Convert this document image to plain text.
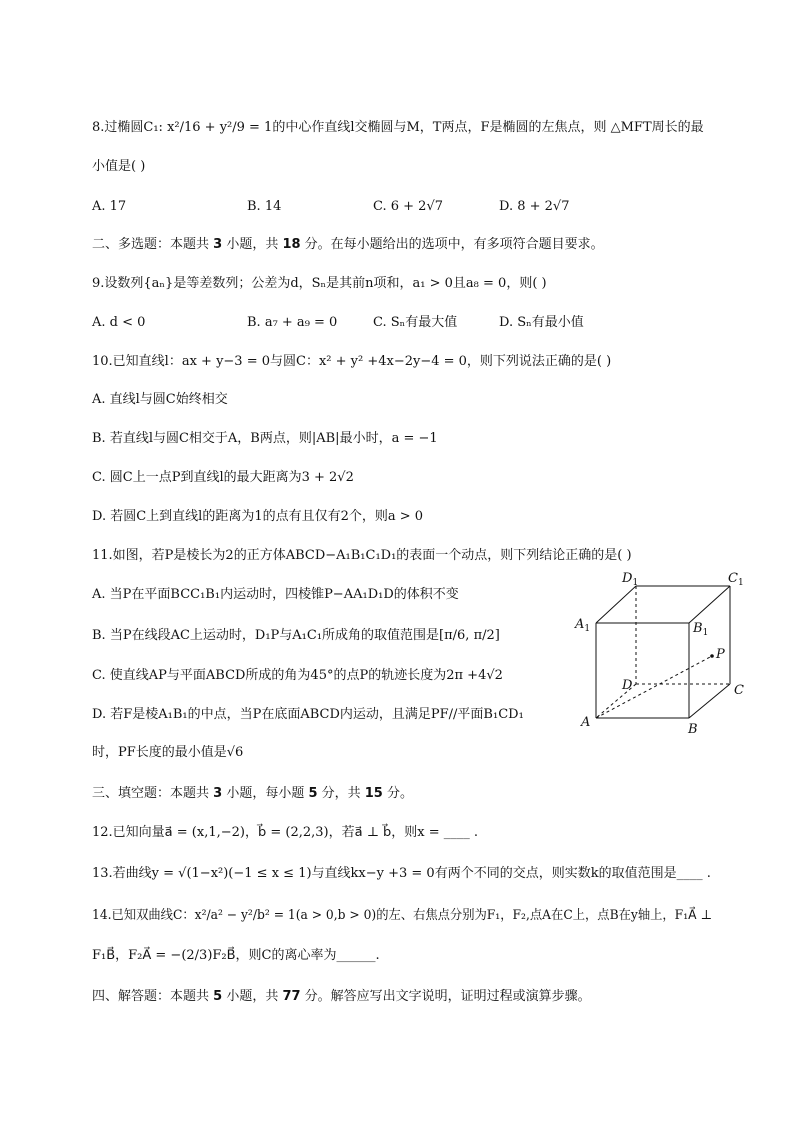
8.过椭圆C₁: x²/16 + y²/9 = 1的中心作直线l交椭圆与M，T两点，F是椭圆的左焦点，则 △MFT周长的最
小值是( )
A. 17	B. 14	C. 6 + 2√7	D. 8 + 2√7
二、多选题：本题共 3 小题，共 18 分。在每小题给出的选项中，有多项符合题目要求。
9.设数列{aₙ}是等差数列；公差为d，Sₙ是其前n项和，a₁ > 0且a₈ = 0，则( )
A. d < 0	B. a₇ + a₉ = 0	C. Sₙ有最大值	D. Sₙ有最小值
10.已知直线l：ax + y−3 = 0与圆C：x² + y² +4x−2y−4 = 0，则下列说法正确的是( )
A. 直线l与圆C始终相交
B. 若直线l与圆C相交于A，B两点，则|AB|最小时，a = −1
C. 圆C上一点P到直线l的最大距离为3 + 2√2
D. 若圆C上到直线l的距离为1的点有且仅有2个，则a > 0
11.如图，若P是棱长为2的正方体ABCD−A₁B₁C₁D₁的表面一个动点，则下列结论正确的是( )
A. 当P在平面BCC₁B₁内运动时，四棱锥P−AA₁D₁D的体积不变
B. 当P在线段AC上运动时，D₁P与A₁C₁所成角的取值范围是[π/6, π/2]
C. 使直线AP与平面ABCD所成的角为45°的点P的轨迹长度为2π +4√2
D. 若F是棱A₁B₁的中点，当P在底面ABCD内运动，且满足PF//平面B₁CD₁
时，PF长度的最小值是√6
$D_1$	$C_1$
$A_1$	$B_1$
P
D	C
A	B
三、填空题：本题共 3 小题，每小题 5 分，共 15 分。
12.已知向量a⃗ = (x,1,−2)，b⃗ = (2,2,3)，若a⃗ ⊥ b⃗，则x = ____ .
13.若曲线y = √(1−x²)(−1 ≤ x ≤ 1)与直线kx−y +3 = 0有两个不同的交点，则实数k的取值范围是____ .
14.已知双曲线C：x²/a² − y²/b² = 1(a > 0,b > 0)的左、右焦点分别为F₁，F₂,点A在C上，点B在y轴上，F₁A⃗ ⊥
F₁B⃗，F₂A⃗ = −(2/3)F₂B⃗，则C的离心率为______.
四、解答题：本题共 5 小题，共 77 分。解答应写出文字说明，证明过程或演算步骤。
